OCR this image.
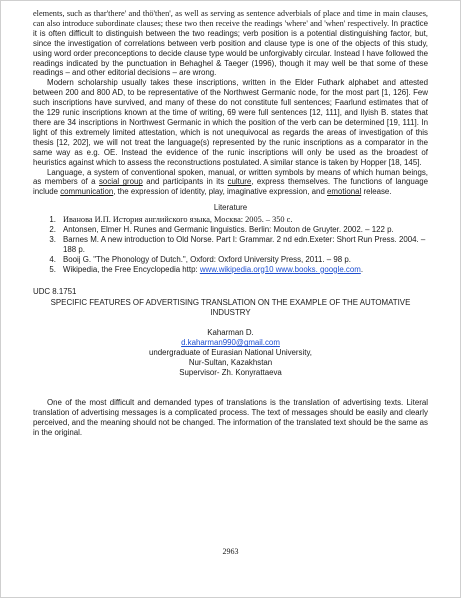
elements, such as thar'there' and thö'then', as well as serving as sentence adverbials of place and time in main clauses, can also introduce subordinate clauses; these two then receive the readings 'where' and 'when' respectively. In practice it is often difficult to distinguish between the two readings; verb position is a potential distinguishing factor, but, since the investigation of correlations between verb position and clause type is one of the objects of this study, using word order preconceptions to decide clause type would be unforgivably circular. Instead I have followed the readings indicated by the punctuation in Behaghel & Taeger (1996), though it may well be that some of these readings – and other editorial decisions – are wrong.

Modern scholarship usually takes these inscriptions, written in the Elder Futhark alphabet and attested between 200 and 800 AD, to be representative of the Northwest Germanic node, for the most part [1, 126]. Few such inscriptions have survived, and many of these do not constitute full sentences; Faarlund estimates that of the 129 runic inscriptions known at the time of writing, 69 were full sentences [12, 111], and Ilyish B. states that there are 34 inscriptions in Northwest Germanic in which the position of the verb can be determined [19, 111]. In light of this extremely limited attestation, which is not unequivocal as regards the areas of investigation of this thesis [12, 202], we will not treat the language(s) represented by the runic inscriptions as a comparator in the same way as e.g. OE. Instead the evidence of the runic inscriptions will only be used as the broadest of heuristics against which to assess the reconstructions postulated. A similar stance is taken by Hopper [18, 145].

Language, a system of conventional spoken, manual, or written symbols by means of which human beings, as members of a social group and participants in its culture, express themselves. The functions of language include communication, the expression of identity, play, imaginative expression, and emotional release.

Literature
1. Иванова И.П. История английского языка, Москва: 2005. – 350 с.
2. Antonsen, Elmer H. Runes and Germanic linguistics. Berlin: Mouton de Gruyter. 2002. – 122 p.
3. Barnes M. A new introduction to Old Norse. Part I: Grammar. 2 nd edn.Exeter: Short Run Press. 2004. – 188 p.
4. Booij G. "The Phonology of Dutch.", Oxford: Oxford University Press, 2011. – 98 p.
5. Wikipedia, the Free Encyclopedia http: www.wikipedia.org10 www.books. google.com.
UDC 8.1751
SPECIFIC FEATURES OF ADVERTISING TRANSLATION ON THE EXAMPLE OF THE AUTOMATIVE INDUSTRY
Kaharman D.
d.kaharman990@gmail.com
undergraduate of Eurasian National University,
Nur-Sultan, Kazakhstan
Supervisor- Zh. Konyrattaeva

One of the most difficult and demanded types of translations is the translation of advertising texts. Literal translation of advertising messages is a complicated process. The text of messages should be easily and clearly perceived, and the meaning should not be changed. The information of the translated text should be the same as in the original.

2963
